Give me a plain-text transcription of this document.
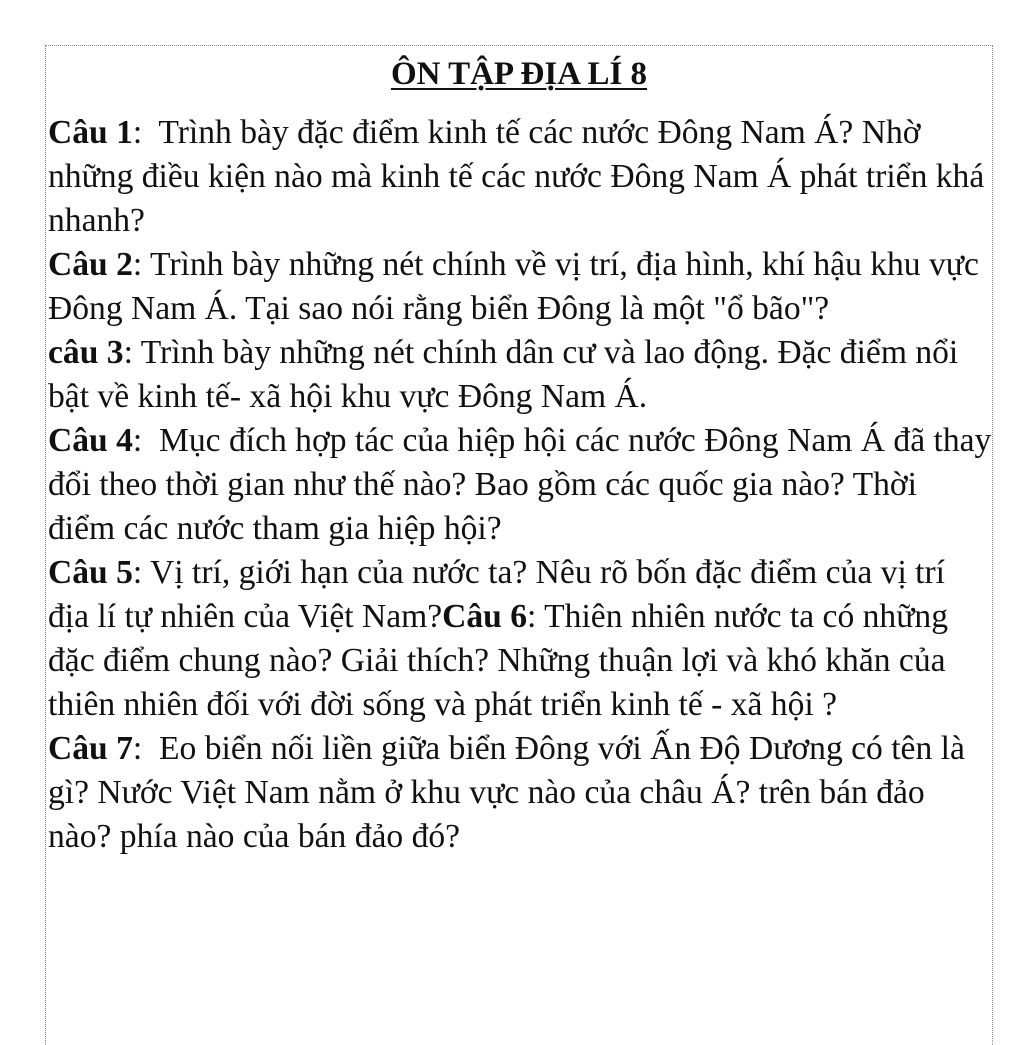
ÔN TẬP ĐỊA LÍ 8
Câu 1:  Trình bày đặc điểm kinh tế các nước Đông Nam Á? Nhờ những điều kiện nào mà kinh tế các nước Đông Nam Á phát triển khá nhanh?
Câu 2: Trình bày những nét chính về vị trí, địa hình, khí hậu khu vực Đông Nam Á. Tại sao nói rằng biển Đông là một "ổ bão"?
câu 3: Trình bày những nét chính dân cư và lao động. Đặc điểm nổi bật về kinh tế- xã hội khu vực Đông Nam Á.
Câu 4:  Mục đích hợp tác của hiệp hội các nước Đông Nam Á đã thay đổi theo thời gian như thế nào? Bao gồm các quốc gia nào? Thời điểm các nước tham gia hiệp hội?
Câu 5: Vị trí, giới hạn của nước ta? Nêu rõ bốn đặc điểm của vị trí địa lí tự nhiên của Việt Nam?Câu 6: Thiên nhiên nước ta có những đặc điểm chung nào? Giải thích? Những thuận lợi và khó khăn của thiên nhiên đối với đời sống và phát triển kinh tế - xã hội ?
Câu 7:  Eo biển nối liền giữa biển Đông với Ấn Độ Dương có tên là gì? Nước Việt Nam nằm ở khu vực nào của châu Á? trên bán đảo nào? phía nào của bán đảo đó?
